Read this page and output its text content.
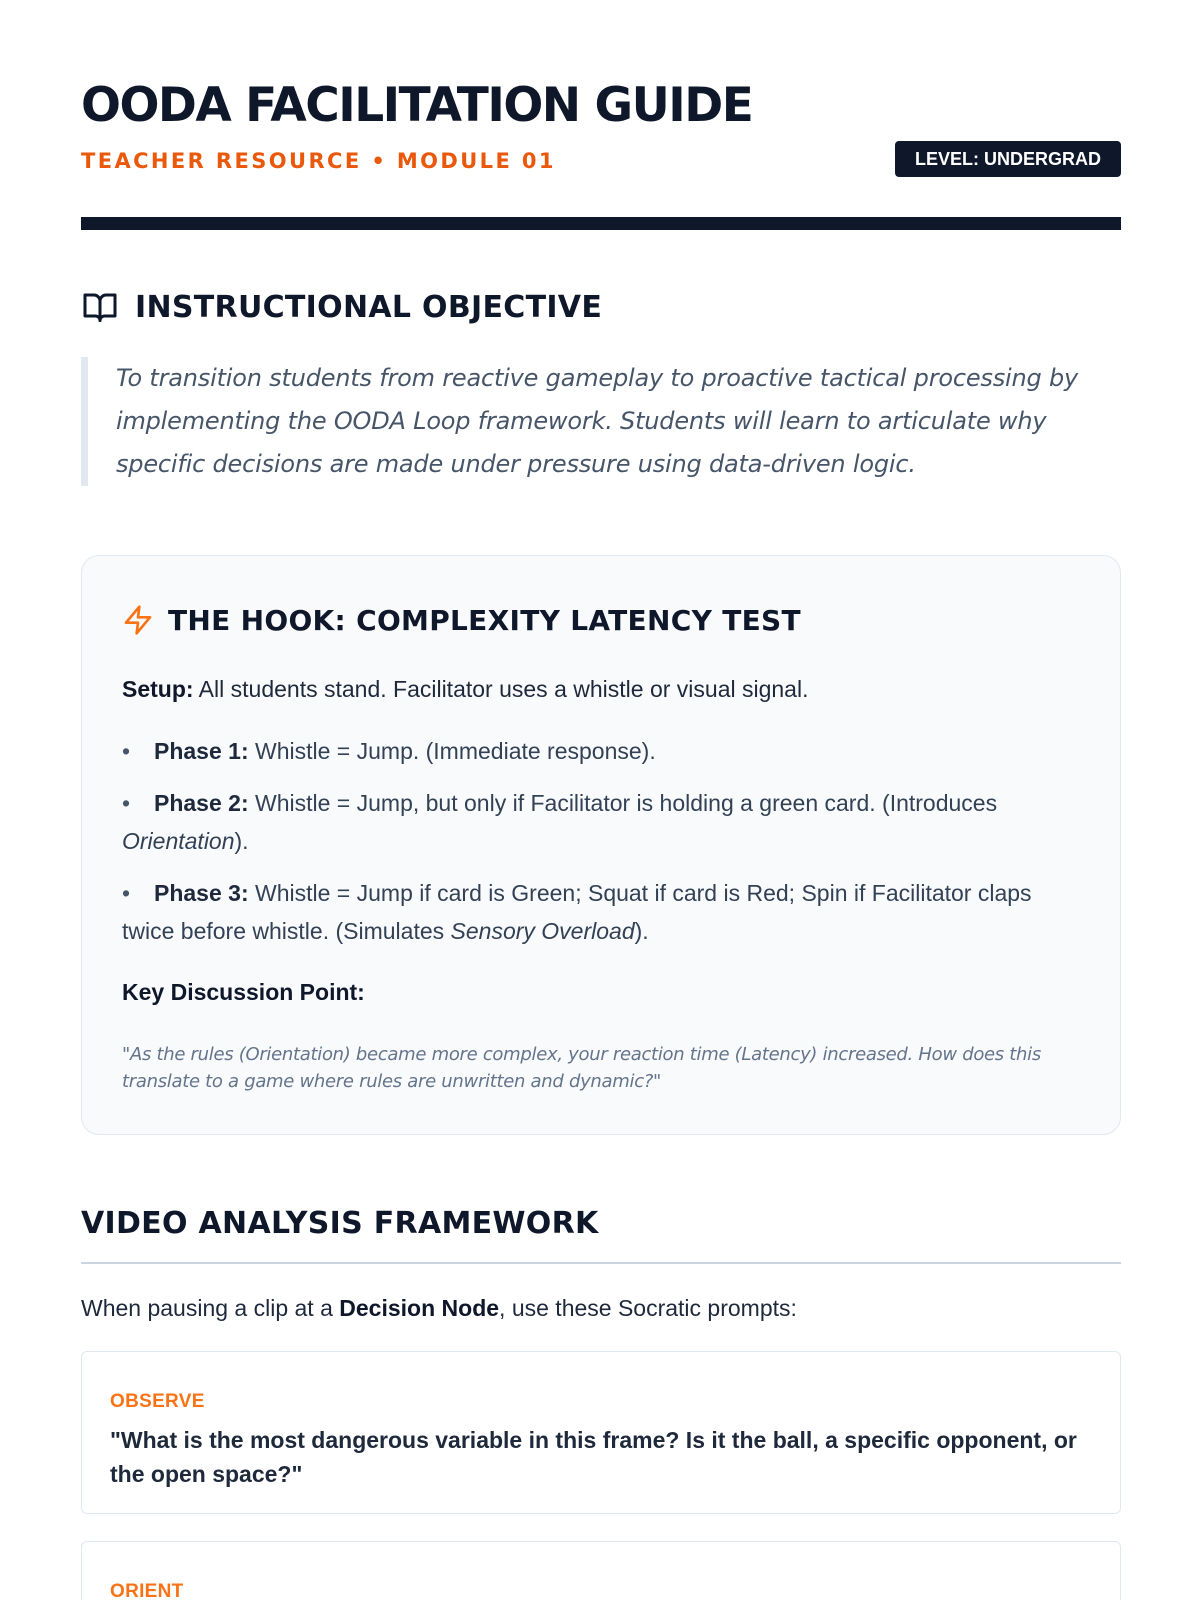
OODA FACILITATION GUIDE
TEACHER RESOURCE • MODULE 01	LEVEL: UNDERGRAD
INSTRUCTIONAL OBJECTIVE
To transition students from reactive gameplay to proactive tactical processing by implementing the OODA Loop framework. Students will learn to articulate why specific decisions are made under pressure using data-driven logic.
THE HOOK: COMPLEXITY LATENCY TEST
Setup: All students stand. Facilitator uses a whistle or visual signal.
• Phase 1: Whistle = Jump. (Immediate response).
• Phase 2: Whistle = Jump, but only if Facilitator is holding a green card. (Introduces Orientation).
• Phase 3: Whistle = Jump if card is Green; Squat if card is Red; Spin if Facilitator claps twice before whistle. (Simulates Sensory Overload).
Key Discussion Point:
"As the rules (Orientation) became more complex, your reaction time (Latency) increased. How does this translate to a game where rules are unwritten and dynamic?"
VIDEO ANALYSIS FRAMEWORK
When pausing a clip at a Decision Node, use these Socratic prompts:
OBSERVE
"What is the most dangerous variable in this frame? Is it the ball, a specific opponent, or the open space?"
ORIENT
